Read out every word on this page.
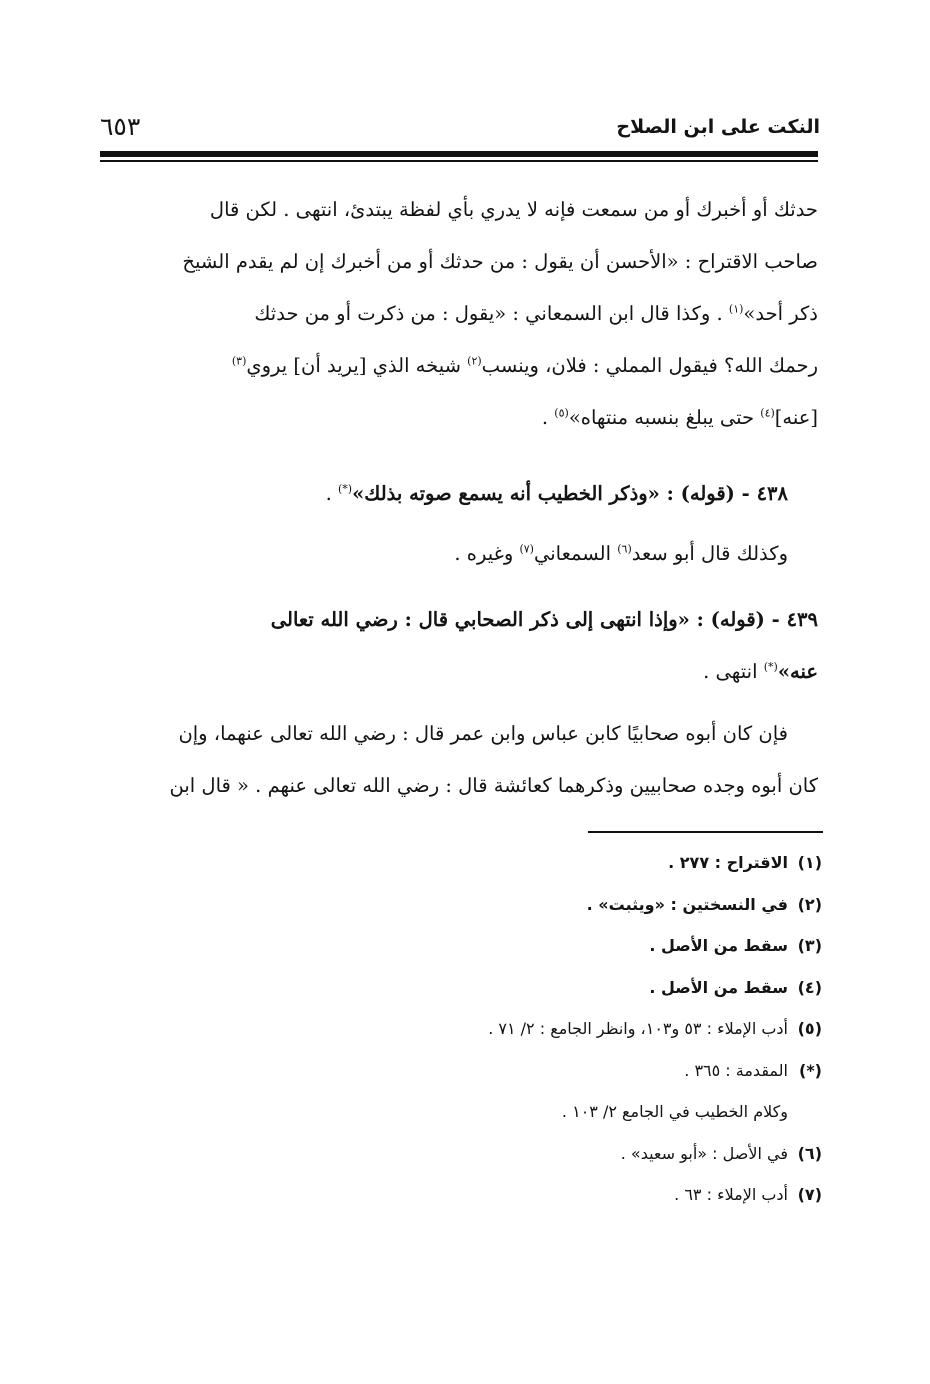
النكت على ابن الصلاح
٦٥٣
حدثك أو أخبرك أو من سمعت فإنه لا يدري بأي لفظة يبتدئ، انتهى . لكن قال
صاحب الاقتراح : «الأحسن أن يقول : من حدثك أو من أخبرك إن لم يقدم الشيخ
ذكر أحد»$^{(١)}$ . وكذا قال ابن السمعاني : «يقول : من ذكرت أو من حدثك
رحمك الله؟ فيقول المملي : فلان، وينسب$^{(٢)}$ شيخه الذي [يريد أن] يروي$^{(٣)}$
[عنه]$^{(٤)}$ حتى يبلغ بنسبه منتهاه»$^{(٥)}$ .
٤٣٨ - (قوله) : «وذكر الخطيب أنه يسمع صوته بذلك»(*) .
وكذلك قال أبو سعد$^{(٦)}$ السمعاني$^{(٧)}$ وغيره .
٤٣٩ - (قوله) : «وإذا انتهى إلى ذكر الصحابي قال : رضي الله تعالى
عنه»(*) انتهى .
فإن كان أبوه صحابيًا كابن عباس وابن عمر قال : رضي الله تعالى عنهما، وإن
كان أبوه وجده صحابيين وذكرهما كعائشة قال : رضي الله تعالى عنهم . « قال ابن
(١)الاقتراح : ٢٧٧ .
(٢)في النسختين : «ويثبت» .
(٣)سقط من الأصل .
(٤)سقط من الأصل .
(٥)أدب الإملاء : ٥٣ و١٠٣، وانظر الجامع : ٢/ ٧١ .
(*)المقدمة : ٣٦٥ .
وكلام الخطيب في الجامع ٢/ ١٠٣ .
(٦)في الأصل : «أبو سعيد» .
(٧)أدب الإملاء : ٦٣ .
